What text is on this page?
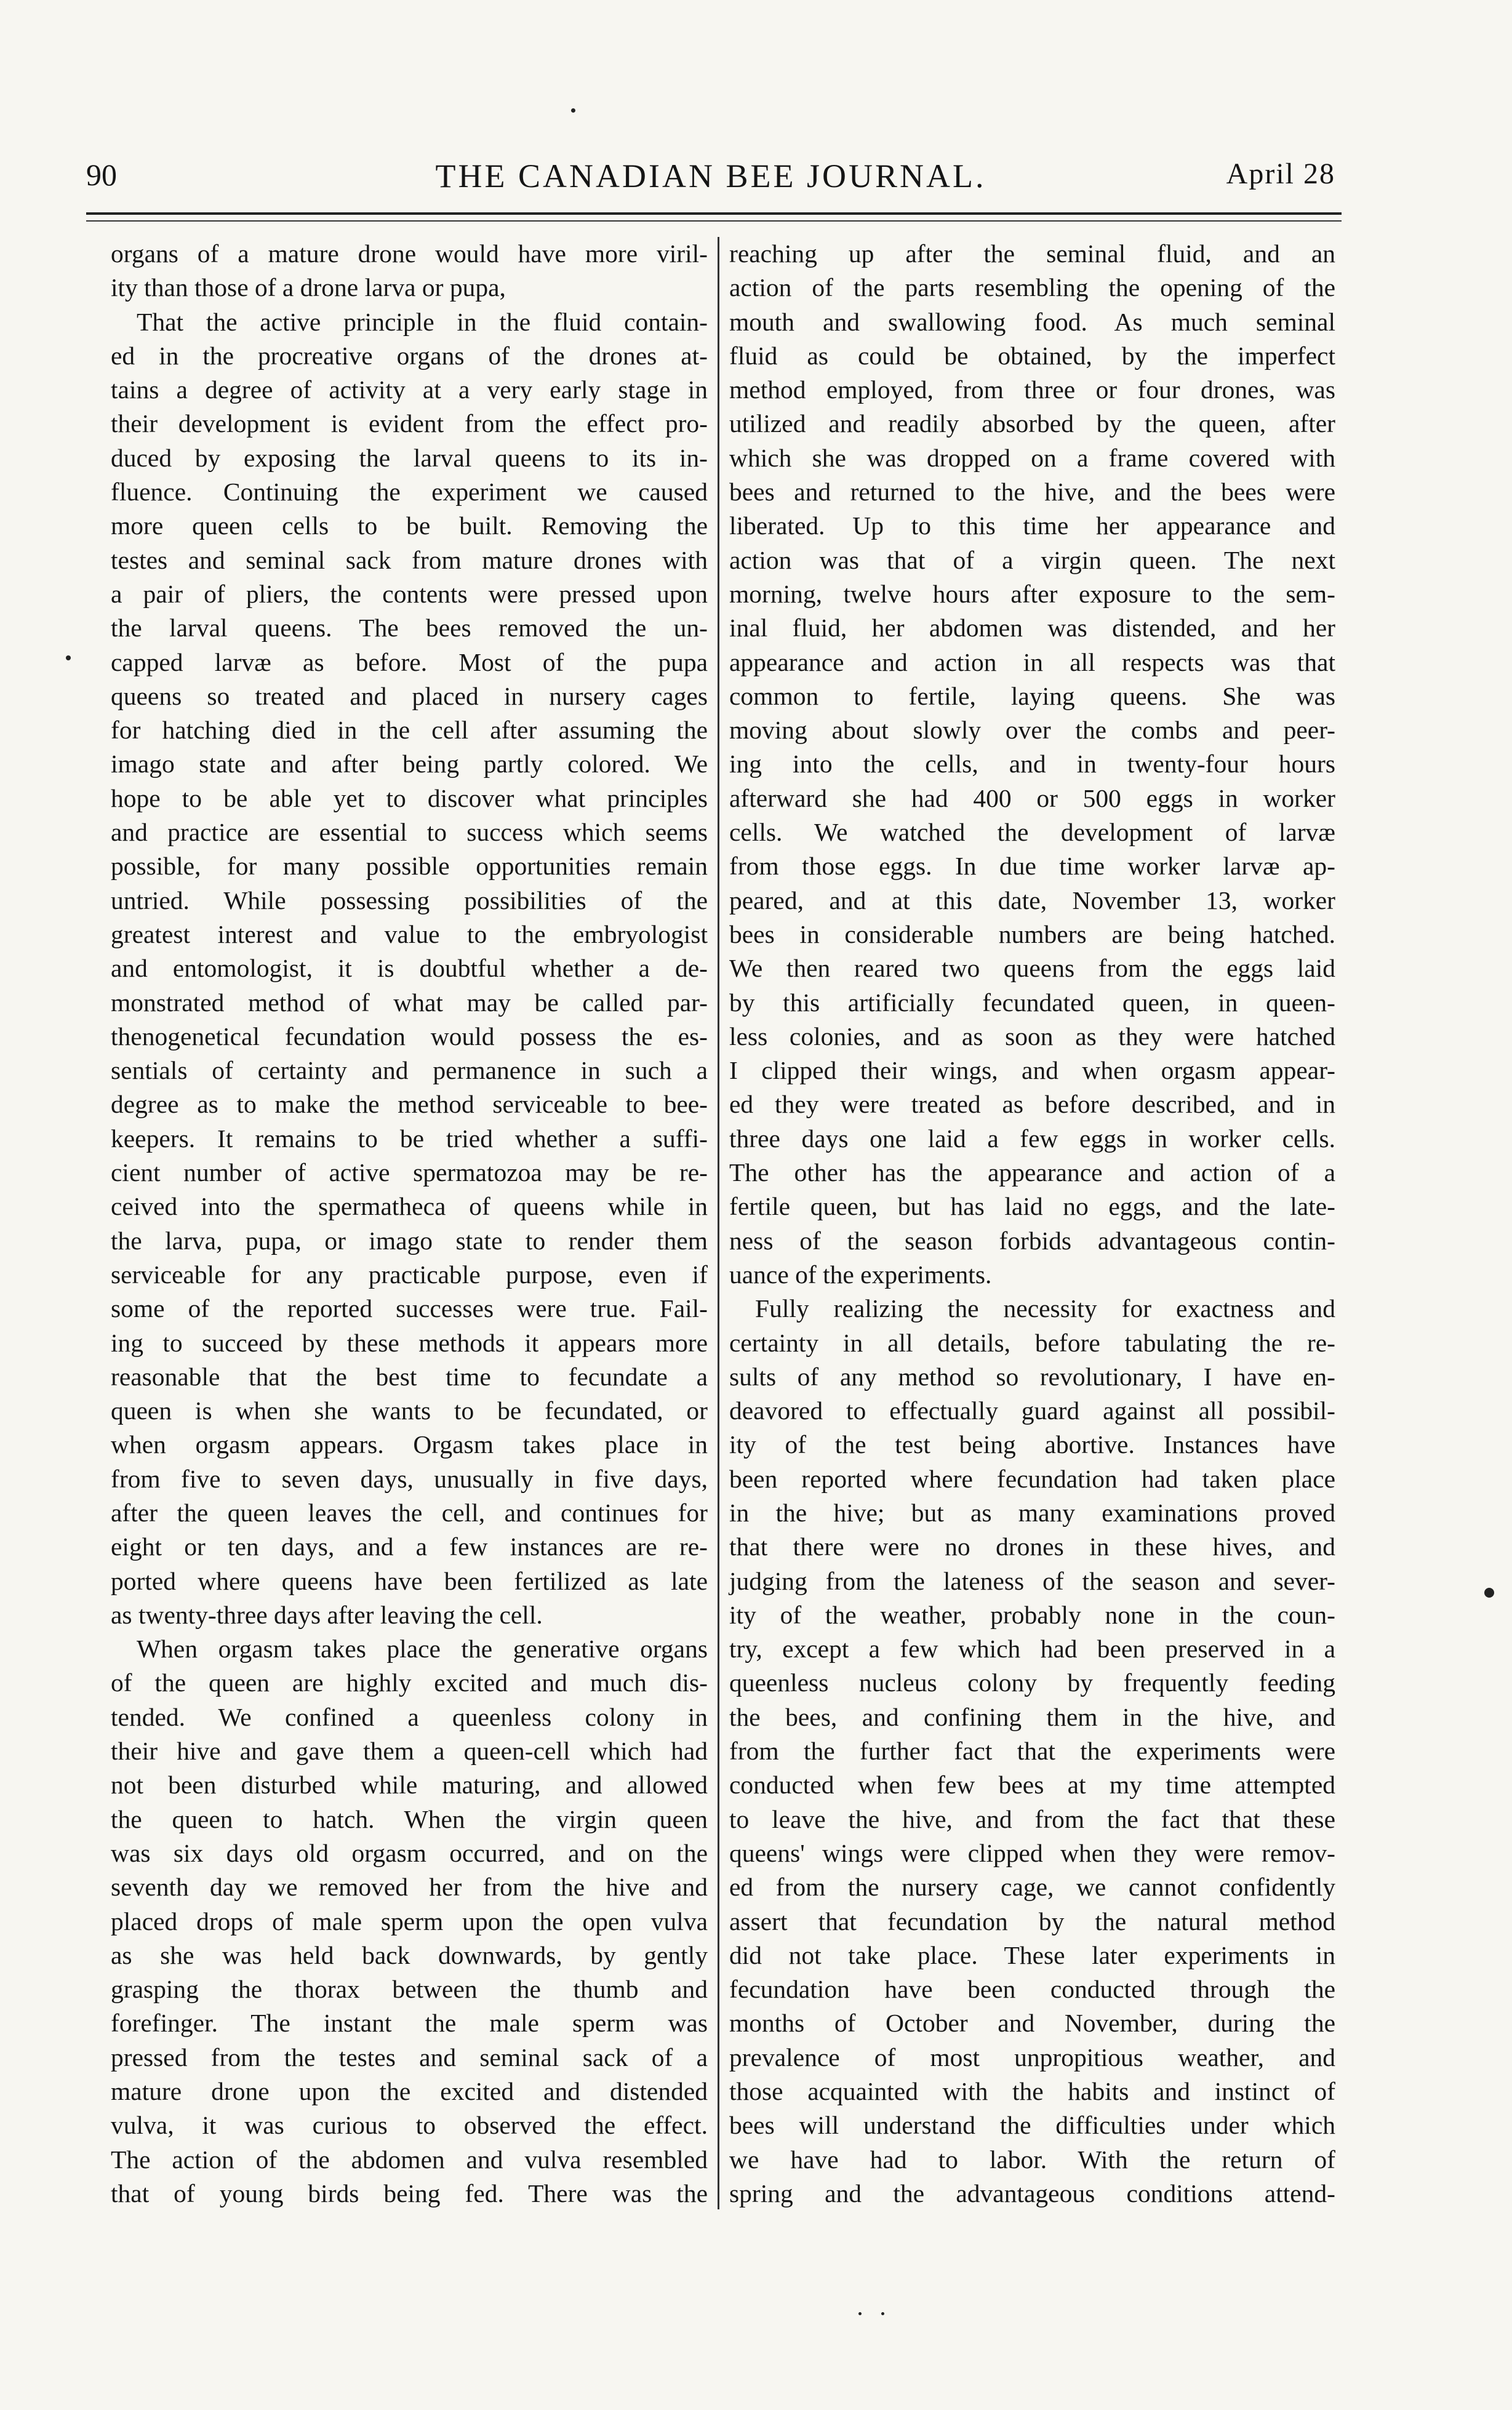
90	THE CANADIAN BEE JOURNAL.	April 28
organs of a mature drone would have more viril-
ity than those of a drone larva or pupa,
That the active principle in the fluid contain-
ed in the procreative organs of the drones at-
tains a degree of activity at a very early stage in
their development is evident from the effect pro-
duced by exposing the larval queens to its in-
fluence. Continuing the experiment we caused
more queen cells to be built. Removing the
testes and seminal sack from mature drones with
a pair of pliers, the contents were pressed upon
the larval queens. The bees removed the un-
capped larvæ as before. Most of the pupa
queens so treated and placed in nursery cages
for hatching died in the cell after assuming the
imago state and after being partly colored. We
hope to be able yet to discover what principles
and practice are essential to success which seems
possible, for many possible opportunities remain
untried. While possessing possibilities of the
greatest interest and value to the embryologist
and entomologist, it is doubtful whether a de-
monstrated method of what may be called par-
thenogenetical fecundation would possess the es-
sentials of certainty and permanence in such a
degree as to make the method serviceable to bee-
keepers. It remains to be tried whether a suffi-
cient number of active spermatozoa may be re-
ceived into the spermatheca of queens while in
the larva, pupa, or imago state to render them
serviceable for any practicable purpose, even if
some of the reported successes were true. Fail-
ing to succeed by these methods it appears more
reasonable that the best time to fecundate a
queen is when she wants to be fecundated, or
when orgasm appears. Orgasm takes place in
from five to seven days, unusually in five days,
after the queen leaves the cell, and continues for
eight or ten days, and a few instances are re-
ported where queens have been fertilized as late
as twenty-three days after leaving the cell.
When orgasm takes place the generative organs
of the queen are highly excited and much dis-
tended. We confined a queenless colony in
their hive and gave them a queen-cell which had
not been disturbed while maturing, and allowed
the queen to hatch. When the virgin queen
was six days old orgasm occurred, and on the
seventh day we removed her from the hive and
placed drops of male sperm upon the open vulva
as she was held back downwards, by gently
grasping the thorax between the thumb and
forefinger. The instant the male sperm was
pressed from the testes and seminal sack of a
mature drone upon the excited and distended
vulva, it was curious to observed the effect.
The action of the abdomen and vulva resembled
that of young birds being fed. There was the
reaching up after the seminal fluid, and an
action of the parts resembling the opening of the
mouth and swallowing food. As much seminal
fluid as could be obtained, by the imperfect
method employed, from three or four drones, was
utilized and readily absorbed by the queen, after
which she was dropped on a frame covered with
bees and returned to the hive, and the bees were
liberated. Up to this time her appearance and
action was that of a virgin queen. The next
morning, twelve hours after exposure to the sem-
inal fluid, her abdomen was distended, and her
appearance and action in all respects was that
common to fertile, laying queens. She was
moving about slowly over the combs and peer-
ing into the cells, and in twenty-four hours
afterward she had 400 or 500 eggs in worker
cells. We watched the development of larvæ
from those eggs. In due time worker larvæ ap-
peared, and at this date, November 13, worker
bees in considerable numbers are being hatched.
We then reared two queens from the eggs laid
by this artificially fecundated queen, in queen-
less colonies, and as soon as they were hatched
I clipped their wings, and when orgasm appear-
ed they were treated as before described, and in
three days one laid a few eggs in worker cells.
The other has the appearance and action of a
fertile queen, but has laid no eggs, and the late-
ness of the season forbids advantageous contin-
uance of the experiments.
Fully realizing the necessity for exactness and
certainty in all details, before tabulating the re-
sults of any method so revolutionary, I have en-
deavored to effectually guard against all possibil-
ity of the test being abortive. Instances have
been reported where fecundation had taken place
in the hive; but as many examinations proved
that there were no drones in these hives, and
judging from the lateness of the season and sever-
ity of the weather, probably none in the coun-
try, except a few which had been preserved in a
queenless nucleus colony by frequently feeding
the bees, and confining them in the hive, and
from the further fact that the experiments were
conducted when few bees at my time attempted
to leave the hive, and from the fact that these
queens' wings were clipped when they were remov-
ed from the nursery cage, we cannot confidently
assert that fecundation by the natural method
did not take place. These later experiments in
fecundation have been conducted through the
months of October and November, during the
prevalence of most unpropitious weather, and
those acquainted with the habits and instinct of
bees will understand the difficulties under which
we have had to labor. With the return of
spring and the advantageous conditions attend-
